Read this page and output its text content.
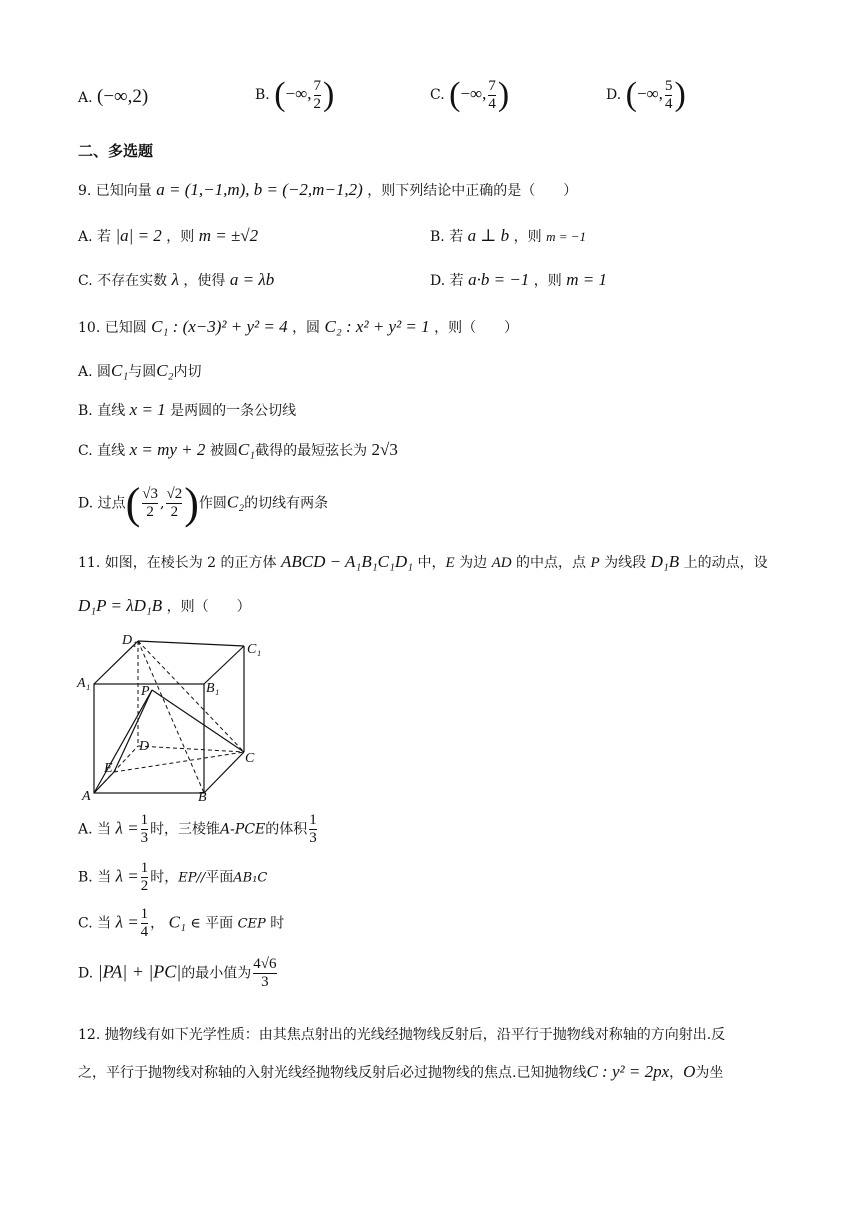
A. (−∞,2)	B. (−∞, $\frac{7}{2}$ )	C. (−∞, $\frac{7}{4}$ )	D. (−∞, $\frac{5}{4}$ )
二、多选题
9. 已知向量 a = (1,−1,m), b = (−2,m−1,2) ，则下列结论中正确的是（　　）
A. 若 |a| = 2 ，则 m = ±√2	B. 若 a ⊥ b ，则 m = −1
C. 不存在实数 λ ，使得 a = λb	D. 若 a·b = −1 ，则 m = 1
10. 已知圆 C₁ : (x−3)² + y² = 4 ，圆 C₂ : x² + y² = 1 ，则（　　）
A. 圆C₁与圆C₂内切
B. 直线 x = 1 是两圆的一条公切线
C. 直线 x = my + 2 被圆C₁截得的最短弦长为 2√3
D. 过点( $\frac{√3}{2}$ , $\frac{√2}{2}$ )作圆C₂的切线有两条
11. 如图，在棱长为 2 的正方体 ABCD − A₁B₁C₁D₁ 中，E 为边 AD 的中点，点 P 为线段 D₁B 上的动点，设
D₁P = λD₁B ，则（　　）
D₁
C₁
A₁	B₁
P
D
C
E
A	B
A. 当 $\lambda = \frac{1}{3}$ 时，三棱锥A-PCE的体积 $\frac{1}{3}$
B. 当 $\lambda = \frac{1}{2}$ 时，EP//平面AB₁C
C. 当 $\lambda = \frac{1}{4}$ ， C₁ ∈ 平面 CEP 时
D. |PA| + |PC|的最小值为 $\frac{4√6}{3}$
12. 抛物线有如下光学性质：由其焦点射出的光线经抛物线反射后，沿平行于抛物线对称轴的方向射出.反
之，平行于抛物线对称轴的入射光线经抛物线反射后必过抛物线的焦点.已知抛物线C : y² = 2px，O为坐
